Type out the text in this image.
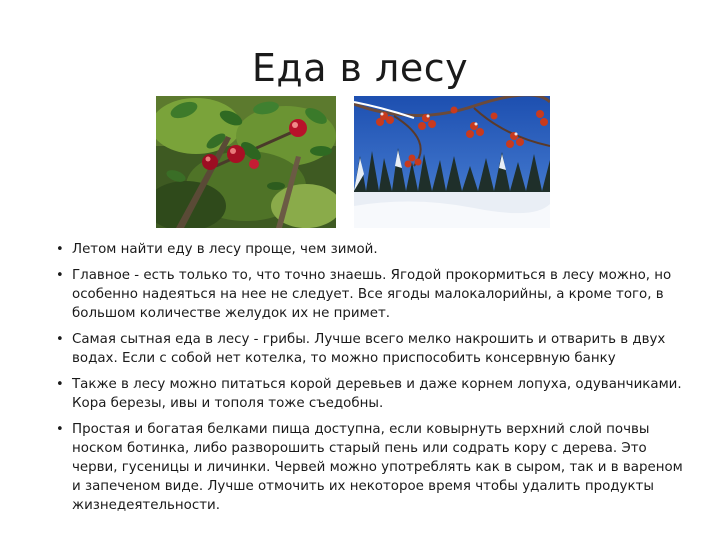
Еда в лесу
• Летом найти еду в лесу проще, чем зимой.
• Главное - есть только то, что точно знаешь. Ягодой прокормиться в лесу можно, но особенно надеяться на нее не следует. Все ягоды малокалорийны, а кроме того, в большом количестве желудок их не примет.
• Самая сытная еда в лесу - грибы. Лучше всего мелко накрошить и отварить в двух водах. Если с собой нет котелка, то можно приспособить консервную банку
• Также в лесу можно питаться корой деревьев и даже корнем лопуха, одуванчиками. Кора березы, ивы и тополя тоже съедобны.
• Простая и богатая белками пища доступна, если ковырнуть верхний слой почвы носком ботинка, либо разворошить старый пень или содрать кору с дерева. Это черви, гусеницы и личинки. Червей можно употреблять как в сыром, так и в вареном и запеченом виде. Лучше отмочить их некоторое время чтобы удалить продукты жизнедеятельности.
